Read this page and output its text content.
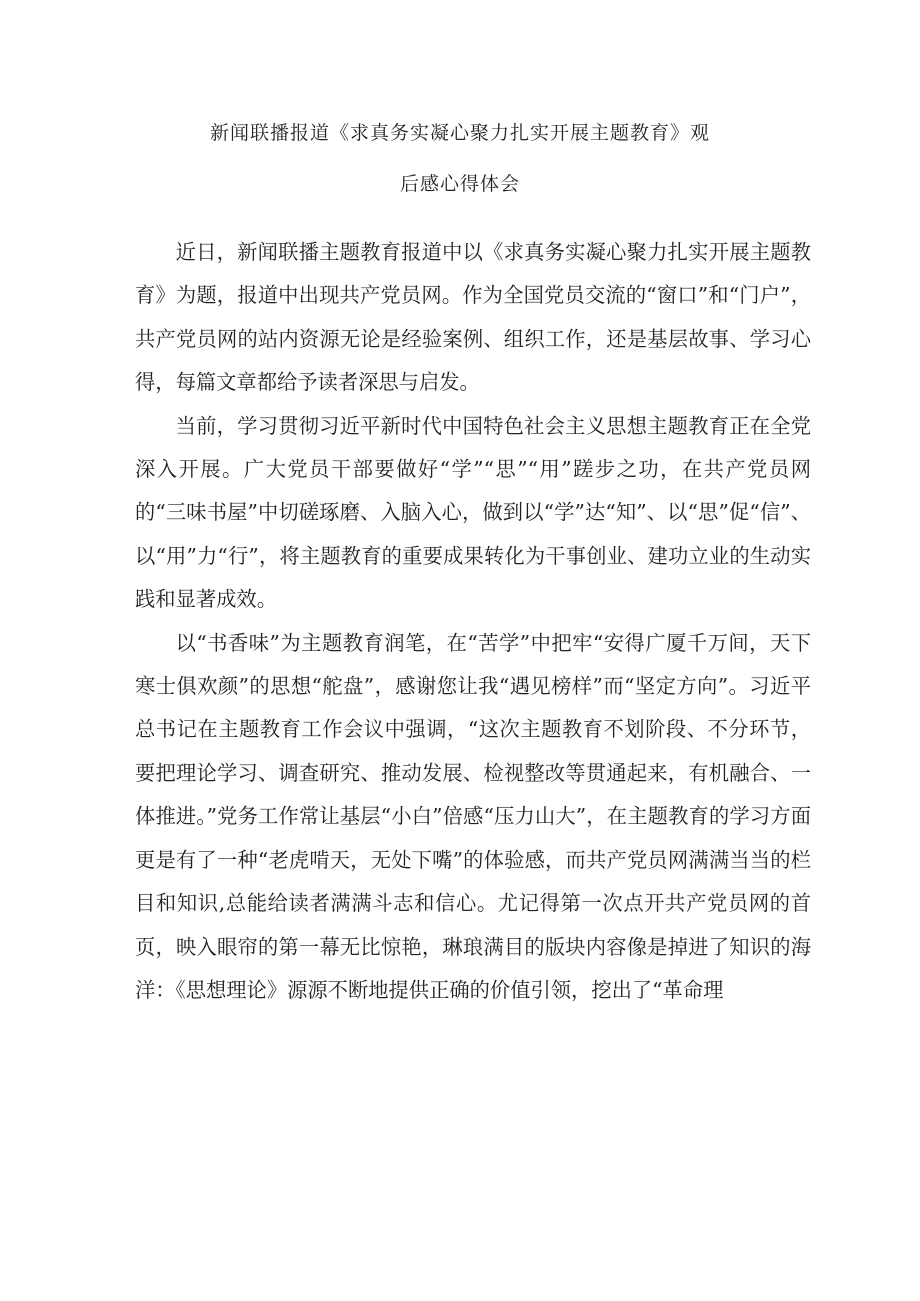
新闻联播报道《求真务实凝心聚力扎实开展主题教育》观
后感心得体会

近日，新闻联播主题教育报道中以《求真务实凝心聚力扎实开展主题教育》为题，报道中出现共产党员网。作为全国党员交流的“窗口”和“门户”，共产党员网的站内资源无论是经验案例、组织工作，还是基层故事、学习心得，每篇文章都给予读者深思与启发。

当前，学习贯彻习近平新时代中国特色社会主义思想主题教育正在全党深入开展。广大党员干部要做好“学”“思”“用”蹉步之功，在共产党员网的“三味书屋”中切磋琢磨、入脑入心，做到以“学”达“知”、以“思”促“信”、以“用”力“行”，将主题教育的重要成果转化为干事创业、建功立业的生动实践和显著成效。

以“书香味”为主题教育润笔，在“苦学”中把牢“安得广厦千万间，天下寒士俱欢颜”的思想“舵盘”，感谢您让我“遇见榜样”而“坚定方向”。习近平总书记在主题教育工作会议中强调，“这次主题教育不划阶段、不分环节，要把理论学习、调查研究、推动发展、检视整改等贯通起来，有机融合、一体推进。”党务工作常让基层“小白”倍感“压力山大”，在主题教育的学习方面更是有了一种“老虎啃天，无处下嘴”的体验感，而共产党员网满满当当的栏目和知识,总能给读者满满斗志和信心。尤记得第一次点开共产党员网的首页，映入眼帘的第一幕无比惊艳，琳琅满目的版块内容像是掉进了知识的海洋：《思想理论》源源不断地提供正确的价值引领，挖出了“革命理
